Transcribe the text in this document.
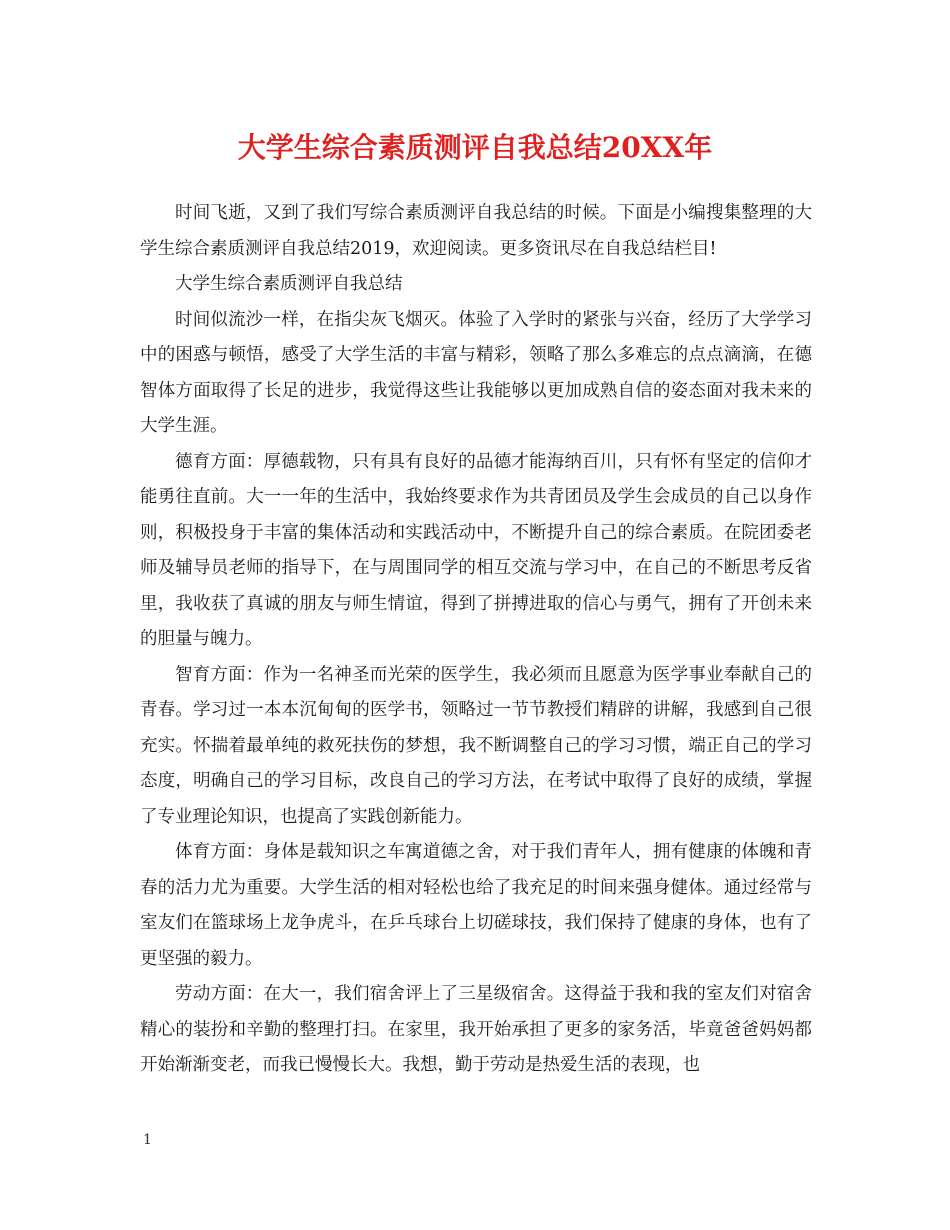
大学生综合素质测评自我总结20XX年

时间飞逝，又到了我们写综合素质测评自我总结的时候。下面是小编搜集整理的大学生综合素质测评自我总结2019，欢迎阅读。更多资讯尽在自我总结栏目!

大学生综合素质测评自我总结

时间似流沙一样，在指尖灰飞烟灭。体验了入学时的紧张与兴奋，经历了大学学习中的困惑与顿悟，感受了大学生活的丰富与精彩，领略了那么多难忘的点点滴滴，在德智体方面取得了长足的进步，我觉得这些让我能够以更加成熟自信的姿态面对我未来的大学生涯。

德育方面：厚德载物，只有具有良好的品德才能海纳百川，只有怀有坚定的信仰才能勇往直前。大一一年的生活中，我始终要求作为共青团员及学生会成员的自己以身作则，积极投身于丰富的集体活动和实践活动中，不断提升自己的综合素质。在院团委老师及辅导员老师的指导下，在与周围同学的相互交流与学习中，在自己的不断思考反省里，我收获了真诚的朋友与师生情谊，得到了拼搏进取的信心与勇气，拥有了开创未来的胆量与魄力。

智育方面：作为一名神圣而光荣的医学生，我必须而且愿意为医学事业奉献自己的青春。学习过一本本沉甸甸的医学书，领略过一节节教授们精辟的讲解，我感到自己很充实。怀揣着最单纯的救死扶伤的梦想，我不断调整自己的学习习惯，端正自己的学习态度，明确自己的学习目标，改良自己的学习方法，在考试中取得了良好的成绩，掌握了专业理论知识，也提高了实践创新能力。

体育方面：身体是载知识之车寓道德之舍，对于我们青年人，拥有健康的体魄和青春的活力尤为重要。大学生活的相对轻松也给了我充足的时间来强身健体。通过经常与室友们在篮球场上龙争虎斗，在乒乓球台上切磋球技，我们保持了健康的身体，也有了更坚强的毅力。

劳动方面：在大一，我们宿舍评上了三星级宿舍。这得益于我和我的室友们对宿舍精心的装扮和辛勤的整理打扫。在家里，我开始承担了更多的家务活，毕竟爸爸妈妈都开始渐渐变老，而我已慢慢长大。我想，勤于劳动是热爱生活的表现，也

1
